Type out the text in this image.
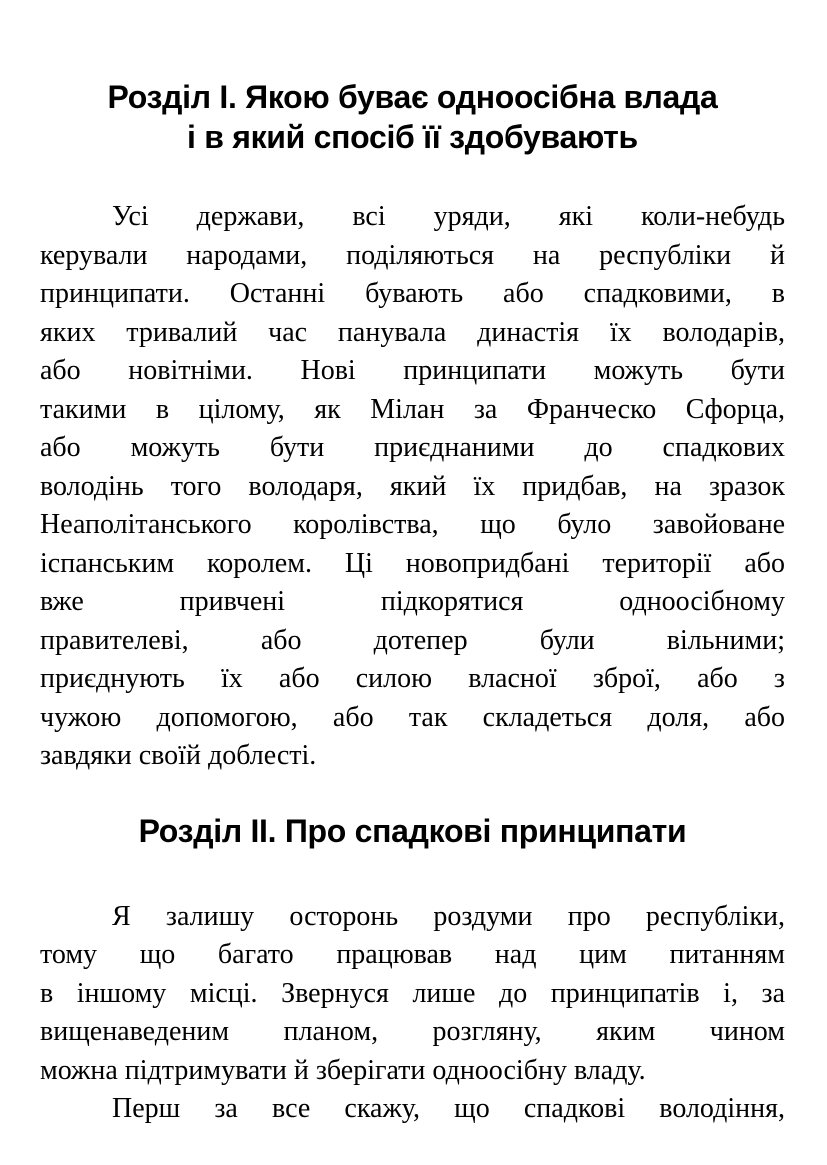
Розділ I. Якою буває одноосібна влада
і в який спосіб її здобувають
Усі держави, всі уряди, які коли-небудь
керували народами, поділяються на республіки й
принципати. Останні бувають або спадковими, в
яких тривалий час панувала династія їх володарів,
або новітніми. Нові принципати можуть бути
такими в цілому, як Мілан за Франческо Сфорца,
або можуть бути приєднаними до спадкових
володінь того володаря, який їх придбав, на зразок
Неаполітанського королівства, що було завойоване
іспанським королем. Ці новопридбані території або
вже привчені підкорятися одноосібному
правителеві, або дотепер були вільними;
приєднують їх або силою власної зброї, або з
чужою допомогою, або так складеться доля, або
завдяки своїй доблесті.
Розділ II. Про спадкові принципати
Я залишу осторонь роздуми про республіки,
тому що багато працював над цим питанням
в іншому місці. Звернуся лише до принципатів і, за
вищенаведеним планом, розгляну, яким чином
можна підтримувати й зберігати одноосібну владу.
Перш за все скажу, що спадкові володіння,
